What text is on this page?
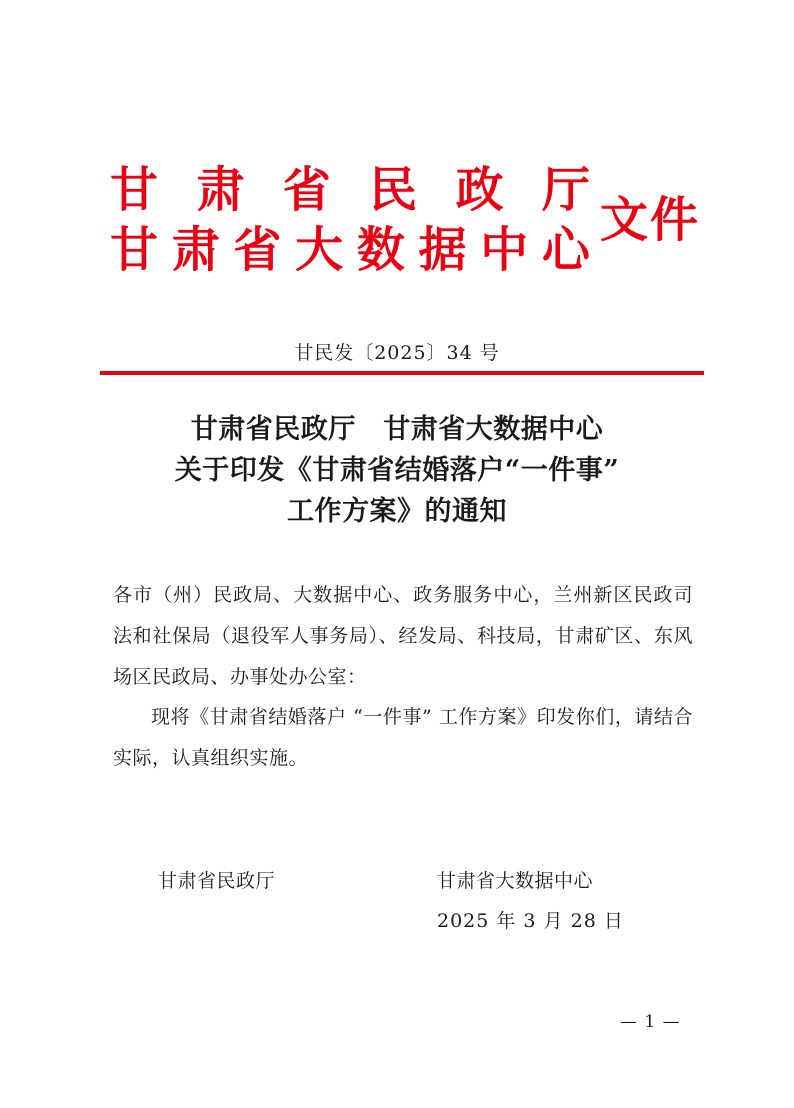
甘 肃 省 民 政 厅
甘 肃 省 大 数 据 中 心
文件
甘民发〔2025〕34 号
甘肃省民政厅　甘肃省大数据中心
关于印发《甘肃省结婚落户“一件事”
工作方案》的通知
各市（州）民政局、大数据中心、政务服务中心，兰州新区民政司法和社保局（退役军人事务局）、经发局、科技局，甘肃矿区、东风场区民政局、办事处办公室：
现将《甘肃省结婚落户 “一件事” 工作方案》印发你们，请结合实际，认真组织实施。
甘肃省民政厅	甘肃省大数据中心
2025 年 3 月 28 日
— 1 —
